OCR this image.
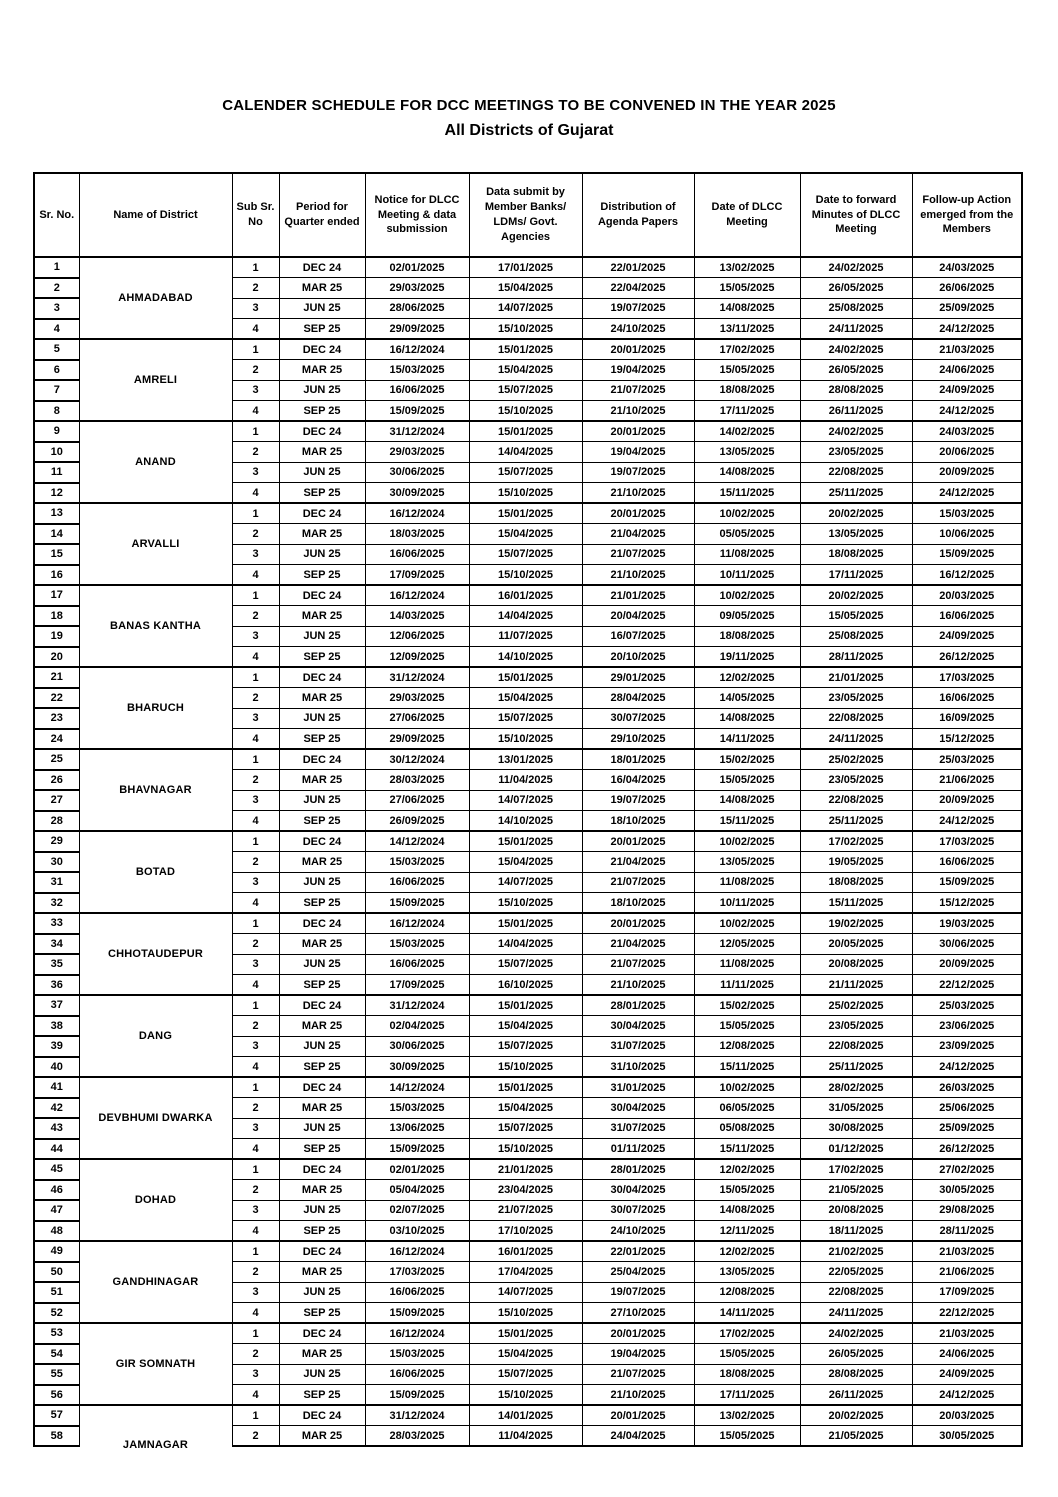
CALENDER SCHEDULE FOR DCC MEETINGS TO BE CONVENED IN THE YEAR 2025
All Districts of Gujarat
Sr. No.	Name of District	Sub Sr. No	Period for Quarter ended	Notice for DLCC Meeting & data submission	Data submit by Member Banks/ LDMs/ Govt. Agencies	Distribution of Agenda Papers	Date of DLCC Meeting	Date to forward Minutes of DLCC Meeting	Follow-up Action emerged from the Members
1	AHMADABAD	1	DEC 24	02/01/2025	17/01/2025	22/01/2025	13/02/2025	24/02/2025	24/03/2025
2		2	MAR 25	29/03/2025	15/04/2025	22/04/2025	15/05/2025	26/05/2025	26/06/2025
3		3	JUN 25	28/06/2025	14/07/2025	19/07/2025	14/08/2025	25/08/2025	25/09/2025
4		4	SEP 25	29/09/2025	15/10/2025	24/10/2025	13/11/2025	24/11/2025	24/12/2025
5	AMRELI	1	DEC 24	16/12/2024	15/01/2025	20/01/2025	17/02/2025	24/02/2025	21/03/2025
6		2	MAR 25	15/03/2025	15/04/2025	19/04/2025	15/05/2025	26/05/2025	24/06/2025
7		3	JUN 25	16/06/2025	15/07/2025	21/07/2025	18/08/2025	28/08/2025	24/09/2025
8		4	SEP 25	15/09/2025	15/10/2025	21/10/2025	17/11/2025	26/11/2025	24/12/2025
9	ANAND	1	DEC 24	31/12/2024	15/01/2025	20/01/2025	14/02/2025	24/02/2025	24/03/2025
10		2	MAR 25	29/03/2025	14/04/2025	19/04/2025	13/05/2025	23/05/2025	20/06/2025
11		3	JUN 25	30/06/2025	15/07/2025	19/07/2025	14/08/2025	22/08/2025	20/09/2025
12		4	SEP 25	30/09/2025	15/10/2025	21/10/2025	15/11/2025	25/11/2025	24/12/2025
13	ARVALLI	1	DEC 24	16/12/2024	15/01/2025	20/01/2025	10/02/2025	20/02/2025	15/03/2025
14		2	MAR 25	18/03/2025	15/04/2025	21/04/2025	05/05/2025	13/05/2025	10/06/2025
15		3	JUN 25	16/06/2025	15/07/2025	21/07/2025	11/08/2025	18/08/2025	15/09/2025
16		4	SEP 25	17/09/2025	15/10/2025	21/10/2025	10/11/2025	17/11/2025	16/12/2025
17	BANAS KANTHA	1	DEC 24	16/12/2024	16/01/2025	21/01/2025	10/02/2025	20/02/2025	20/03/2025
18		2	MAR 25	14/03/2025	14/04/2025	20/04/2025	09/05/2025	15/05/2025	16/06/2025
19		3	JUN 25	12/06/2025	11/07/2025	16/07/2025	18/08/2025	25/08/2025	24/09/2025
20		4	SEP 25	12/09/2025	14/10/2025	20/10/2025	19/11/2025	28/11/2025	26/12/2025
21	BHARUCH	1	DEC 24	31/12/2024	15/01/2025	29/01/2025	12/02/2025	21/01/2025	17/03/2025
22		2	MAR 25	29/03/2025	15/04/2025	28/04/2025	14/05/2025	23/05/2025	16/06/2025
23		3	JUN 25	27/06/2025	15/07/2025	30/07/2025	14/08/2025	22/08/2025	16/09/2025
24		4	SEP 25	29/09/2025	15/10/2025	29/10/2025	14/11/2025	24/11/2025	15/12/2025
25	BHAVNAGAR	1	DEC 24	30/12/2024	13/01/2025	18/01/2025	15/02/2025	25/02/2025	25/03/2025
26		2	MAR 25	28/03/2025	11/04/2025	16/04/2025	15/05/2025	23/05/2025	21/06/2025
27		3	JUN 25	27/06/2025	14/07/2025	19/07/2025	14/08/2025	22/08/2025	20/09/2025
28		4	SEP 25	26/09/2025	14/10/2025	18/10/2025	15/11/2025	25/11/2025	24/12/2025
29	BOTAD	1	DEC 24	14/12/2024	15/01/2025	20/01/2025	10/02/2025	17/02/2025	17/03/2025
30		2	MAR 25	15/03/2025	15/04/2025	21/04/2025	13/05/2025	19/05/2025	16/06/2025
31		3	JUN 25	16/06/2025	14/07/2025	21/07/2025	11/08/2025	18/08/2025	15/09/2025
32		4	SEP 25	15/09/2025	15/10/2025	18/10/2025	10/11/2025	15/11/2025	15/12/2025
33	CHHOTAUDEPUR	1	DEC 24	16/12/2024	15/01/2025	20/01/2025	10/02/2025	19/02/2025	19/03/2025
34		2	MAR 25	15/03/2025	14/04/2025	21/04/2025	12/05/2025	20/05/2025	30/06/2025
35		3	JUN 25	16/06/2025	15/07/2025	21/07/2025	11/08/2025	20/08/2025	20/09/2025
36		4	SEP 25	17/09/2025	16/10/2025	21/10/2025	11/11/2025	21/11/2025	22/12/2025
37	DANG	1	DEC 24	31/12/2024	15/01/2025	28/01/2025	15/02/2025	25/02/2025	25/03/2025
38		2	MAR 25	02/04/2025	15/04/2025	30/04/2025	15/05/2025	23/05/2025	23/06/2025
39		3	JUN 25	30/06/2025	15/07/2025	31/07/2025	12/08/2025	22/08/2025	23/09/2025
40		4	SEP 25	30/09/2025	15/10/2025	31/10/2025	15/11/2025	25/11/2025	24/12/2025
41	DEVBHUMI DWARKA	1	DEC 24	14/12/2024	15/01/2025	31/01/2025	10/02/2025	28/02/2025	26/03/2025
42		2	MAR 25	15/03/2025	15/04/2025	30/04/2025	06/05/2025	31/05/2025	25/06/2025
43		3	JUN 25	13/06/2025	15/07/2025	31/07/2025	05/08/2025	30/08/2025	25/09/2025
44		4	SEP 25	15/09/2025	15/10/2025	01/11/2025	15/11/2025	01/12/2025	26/12/2025
45	DOHAD	1	DEC 24	02/01/2025	21/01/2025	28/01/2025	12/02/2025	17/02/2025	27/02/2025
46		2	MAR 25	05/04/2025	23/04/2025	30/04/2025	15/05/2025	21/05/2025	30/05/2025
47		3	JUN 25	02/07/2025	21/07/2025	30/07/2025	14/08/2025	20/08/2025	29/08/2025
48		4	SEP 25	03/10/2025	17/10/2025	24/10/2025	12/11/2025	18/11/2025	28/11/2025
49	GANDHINAGAR	1	DEC 24	16/12/2024	16/01/2025	22/01/2025	12/02/2025	21/02/2025	21/03/2025
50		2	MAR 25	17/03/2025	17/04/2025	25/04/2025	13/05/2025	22/05/2025	21/06/2025
51		3	JUN 25	16/06/2025	14/07/2025	19/07/2025	12/08/2025	22/08/2025	17/09/2025
52		4	SEP 25	15/09/2025	15/10/2025	27/10/2025	14/11/2025	24/11/2025	22/12/2025
53	GIR SOMNATH	1	DEC 24	16/12/2024	15/01/2025	20/01/2025	17/02/2025	24/02/2025	21/03/2025
54		2	MAR 25	15/03/2025	15/04/2025	19/04/2025	15/05/2025	26/05/2025	24/06/2025
55		3	JUN 25	16/06/2025	15/07/2025	21/07/2025	18/08/2025	28/08/2025	24/09/2025
56		4	SEP 25	15/09/2025	15/10/2025	21/10/2025	17/11/2025	26/11/2025	24/12/2025
57	JAMNAGAR	1	DEC 24	31/12/2024	14/01/2025	20/01/2025	13/02/2025	20/02/2025	20/03/2025
58		2	MAR 25	28/03/2025	11/04/2025	24/04/2025	15/05/2025	21/05/2025	30/05/2025
